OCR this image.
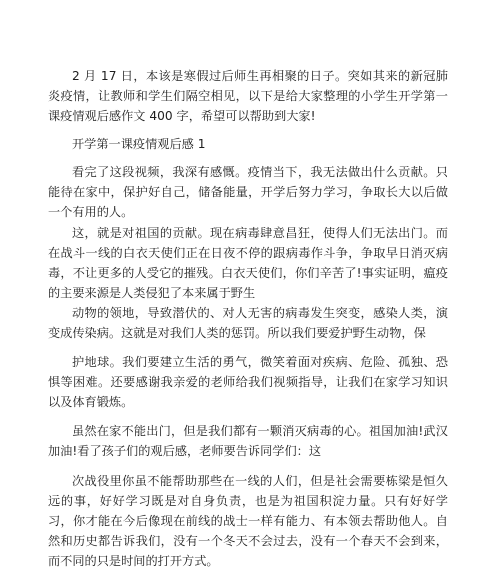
2 月 17 日，本该是寒假过后师生再相聚的日子。突如其来的新冠肺炎疫情，让教师和学生们隔空相见，以下是给大家整理的小学生开学第一课疫情观后感作文 400 字，希望可以帮助到大家!

开学第一课疫情观后感 1

看完了这段视频，我深有感慨。疫情当下，我无法做出什么贡献。只能待在家中，保护好自己，储备能量，开学后努力学习，争取长大以后做一个有用的人。

这，就是对祖国的贡献。现在病毒肆意昌狂，使得人们无法出门。而在战斗一线的白衣天使们正在日夜不停的跟病毒作斗争，争取早日消灭病毒，不让更多的人受它的摧残。白衣天使们，你们辛苦了!事实证明，瘟疫的主要来源是人类侵犯了本来属于野生

动物的领地，导致潜伏的、对人无害的病毒发生突变，感染人类，演变成传染病。这就是对我们人类的惩罚。所以我们要爱护野生动物，保

护地球。我们要建立生活的勇气，微笑着面对疾病、危险、孤独、恐惧等困难。还要感谢我亲爱的老师给我们视频指导，让我们在家学习知识以及体育锻炼。

虽然在家不能出门，但是我们都有一颗消灭病毒的心。祖国加油!武汉加油!看了孩子们的观后感，老师要告诉同学们：这

次战役里你虽不能帮助那些在一线的人们，但是社会需要栋梁是恒久远的事，好好学习既是对自身负责，也是为祖国积淀力量。只有好好学习，你才能在今后像现在前线的战士一样有能力、有本领去帮助他人。自然和历史都告诉我们，没有一个冬天不会过去，没有一个春天不会到来，而不同的只是时间的打开方式。
